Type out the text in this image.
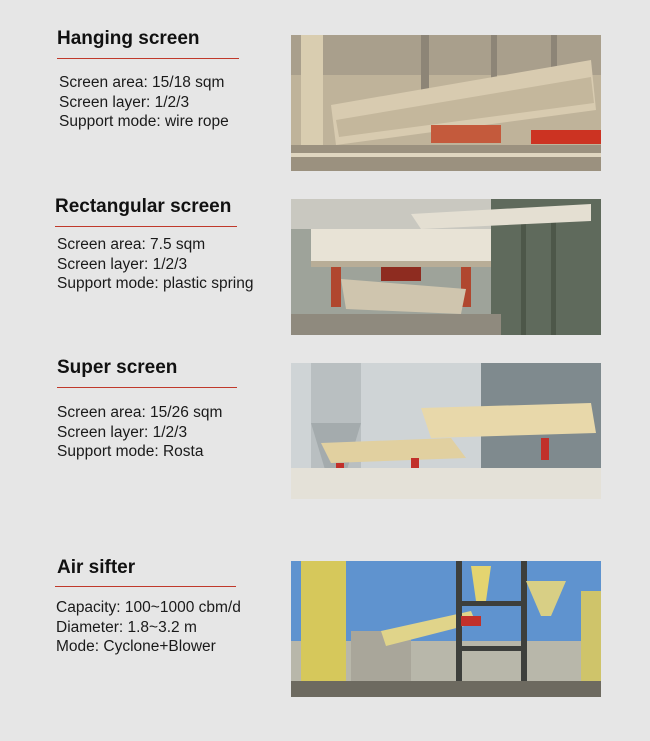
Hanging screen
Screen area: 15/18 sqm
Screen layer: 1/2/3
Support mode: wire rope
Rectangular screen
Screen area: 7.5 sqm
Screen layer: 1/2/3
Support mode: plastic spring
Super screen
Screen area: 15/26 sqm
Screen layer: 1/2/3
Support mode: Rosta
Air sifter
Capacity: 100~1000 cbm/d
Diameter: 1.8~3.2 m
Mode: Cyclone+Blower
